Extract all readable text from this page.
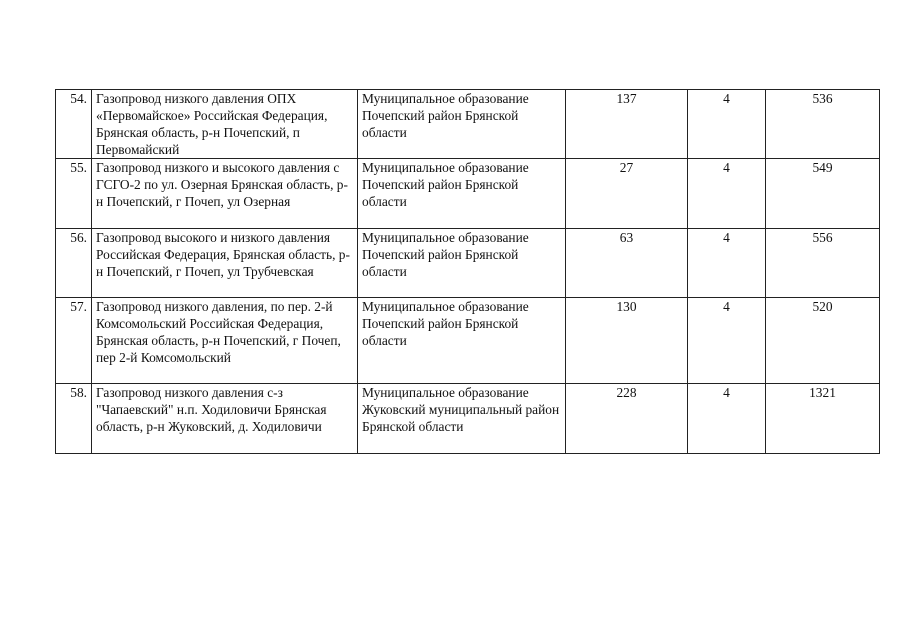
54.	Газопровод низкого давления ОПХ «Первомайское» Российская Федерация, Брянская область, р-н Почепский, п Первомайский	Муниципальное образование Почепский район Брянской области	137	4	536
55.	Газопровод низкого и высокого давления с ГСГО-2 по ул. Озерная Брянская область, р-н Почепский, г Почеп, ул Озерная	Муниципальное образование Почепский район Брянской области	27	4	549
56.	Газопровод высокого и низкого давления Российская Федерация, Брянская область, р-н Почепский, г Почеп, ул Трубчевская	Муниципальное образование Почепский район Брянской области	63	4	556
57.	Газопровод низкого давления, по пер. 2-й Комсомольский Российская Федерация, Брянская область, р-н Почепский, г Почеп, пер 2-й Комсомольский	Муниципальное образование Почепский район Брянской области	130	4	520
58.	Газопровод низкого давления с-з "Чапаевский" н.п. Ходиловичи Брянская область, р-н Жуковский, д. Ходиловичи	Муниципальное образование Жуковский муниципальный район Брянской области	228	4	1321
